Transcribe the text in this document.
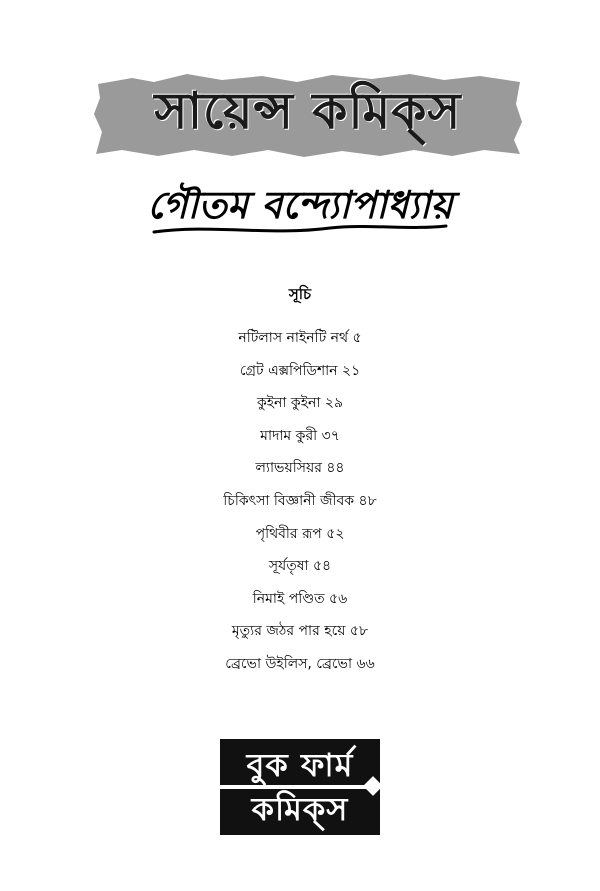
সায়েন্স কমিক্‌স
গৌতম বন্দ্যোপাধ্যায়
সূচি
নটিলাস নাইনটি নর্থ ৫
গ্রেট এক্সপিডিশান ২১
কুইনা কুইনা ২৯
মাদাম কুরী ৩৭
ল্যাভয়সিয়র ৪৪
চিকিৎসা বিজ্ঞানী জীবক ৪৮
পৃথিবীর রূপ ৫২
সূর্যতৃষা ৫৪
নিমাই পণ্ডিত ৫৬
মৃত্যুর জঠর পার হয়ে ৫৮
ব্রেভো উইলিস, ব্রেভো ৬৬
বুক ফার্ম
কমিক্‌স
